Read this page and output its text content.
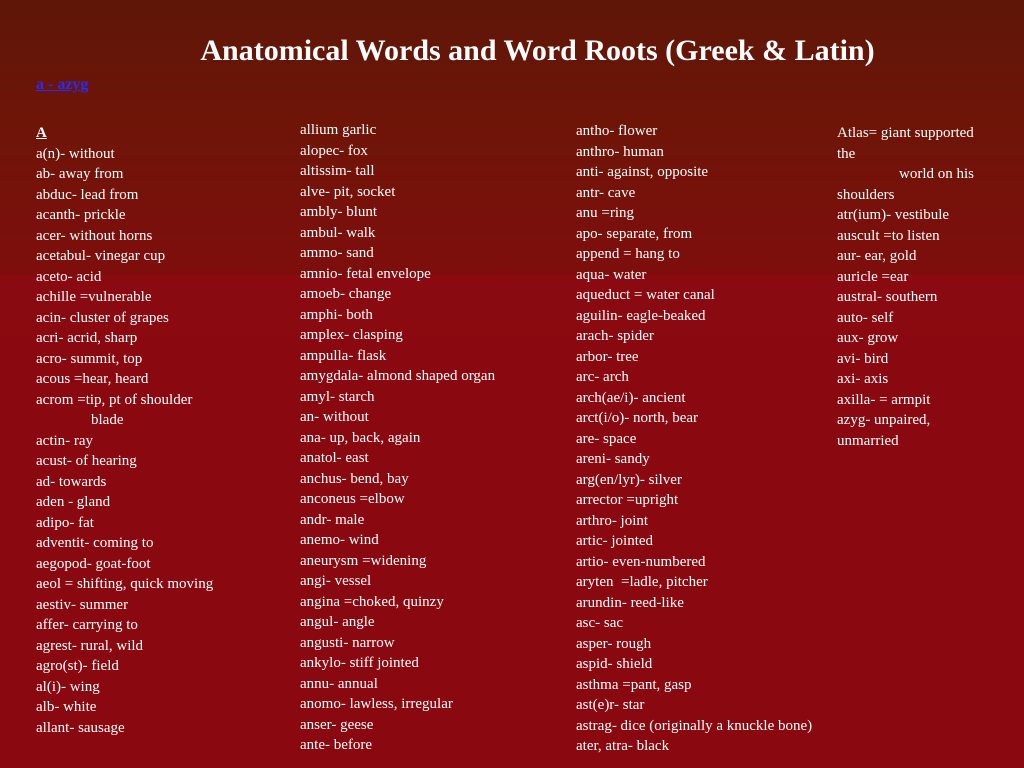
Anatomical Words and Word Roots (Greek & Latin)
a - azyg
A
a(n)- without
ab- away from
abduc- lead from
acanth- prickle
acer- without horns
acetabul- vinegar cup
aceto- acid
achille =vulnerable
acin- cluster of grapes
acri- acrid, sharp
acro- summit, top
acous =hear, heard
acrom =tip, pt of shoulder
blade
actin- ray
acust- of hearing
ad- towards
aden - gland
adipo- fat
adventit- coming to
aegopod- goat-foot
aeol = shifting, quick moving
aestiv- summer
affer- carrying to
agrest- rural, wild
agro(st)- field
al(i)- wing
alb- white
allant- sausage
allium garlic
alopec- fox
altissim- tall
alve- pit, socket
ambly- blunt
ambul- walk
ammo- sand
amnio- fetal envelope
amoeb- change
amphi- both
amplex- clasping
ampulla- flask
amygdala- almond shaped organ
amyl- starch
an- without
ana- up, back, again
anatol- east
anchus- bend, bay
anconeus =elbow
andr- male
anemo- wind
aneurysm =widening
angi- vessel
angina =choked, quinzy
angul- angle
angusti- narrow
ankylo- stiff jointed
annu- annual
anomo- lawless, irregular
anser- geese
ante- before
antho- flower
anthro- human
anti- against, opposite
antr- cave
anu =ring
apo- separate, from
append = hang to
aqua- water
aqueduct = water canal
aguilin- eagle-beaked
arach- spider
arbor- tree
arc- arch
arch(ae/i)- ancient
arct(i/o)- north, bear
are- space
areni- sandy
arg(en/lyr)- silver
arrector =upright
arthro- joint
artic- jointed
artio- even-numbered
aryten  =ladle, pitcher
arundin- reed-like
asc- sac
asper- rough
aspid- shield
asthma =pant, gasp
ast(e)r- star
astrag- dice (originally a knuckle bone)
ater, atra- black
Atlas= giant supported
the
world on his
shoulders
atr(ium)- vestibule
auscult =to listen
aur- ear, gold
auricle =ear
austral- southern
auto- self
aux- grow
avi- bird
axi- axis
axilla- = armpit
azyg- unpaired,
unmarried
